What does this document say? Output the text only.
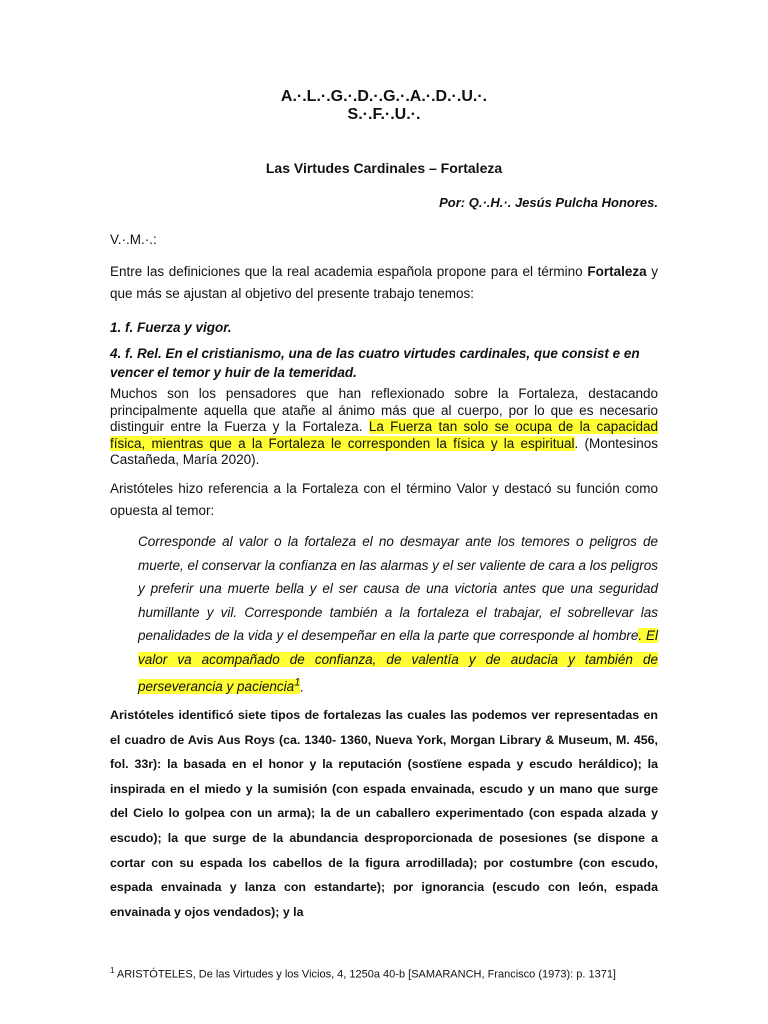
A.·.L.·.G.·.D.·.G.·.A.·.D.·.U.·.
S.·.F.·.U.·.
Las Virtudes Cardinales – Fortaleza
Por: Q.·.H.·. Jesús Pulcha Honores.
V.·.M.·.:
Entre las definiciones que la real academia española propone para el término Fortaleza y que más se ajustan al objetivo del presente trabajo tenemos:
1. f. Fuerza y vigor.
4. f. Rel. En el cristianismo, una de las cuatro virtudes cardinales, que consist e en vencer el temor y huir de la temeridad.
Muchos son los pensadores que han reflexionado sobre la Fortaleza, destacando principalmente aquella que atañe al ánimo más que al cuerpo, por lo que es necesario distinguir entre la Fuerza y la Fortaleza. La Fuerza tan solo se ocupa de la capacidad física, mientras que a la Fortaleza le corresponden la física y la espiritual. (Montesinos Castañeda, María 2020).
Aristóteles hizo referencia a la Fortaleza con el término Valor y destacó su función como opuesta al temor:
Corresponde al valor o la fortaleza el no desmayar ante los temores o peligros de muerte, el conservar la confianza en las alarmas y el ser valiente de cara a los peligros y preferir una muerte bella y el ser causa de una victoria antes que una seguridad humillante y vil. Corresponde también a la fortaleza el trabajar, el sobrellevar las penalidades de la vida y el desempeñar en ella la parte que corresponde al hombre. El valor va acompañado de confianza, de valentía y de audacia y también de perseverancia y paciencia$^1$.
Aristóteles identificó siete tipos de fortalezas las cuales las podemos ver representadas en el cuadro de Avis Aus Roys (ca. 1340- 1360, Nueva York, Morgan Library & Museum, M. 456, fol. 33r): la basada en el honor y la reputación (sostïene espada y escudo heráldico); la inspirada en el miedo y la sumisión (con espada envainada, escudo y un mano que surge del Cielo lo golpea con un arma); la de un caballero experimentado (con espada alzada y escudo); la que surge de la abundancia desproporcionada de posesiones (se dispone a cortar con su espada los cabellos de la figura arrodillada); por costumbre (con escudo, espada envainada y lanza con estandarte); por ignorancia (escudo con león, espada envainada y ojos vendados); y la
$^1$ ARISTÓTELES, De las Virtudes y los Vicios, 4, 1250a 40-b [SAMARANCH, Francisco (1973): p. 1371]
